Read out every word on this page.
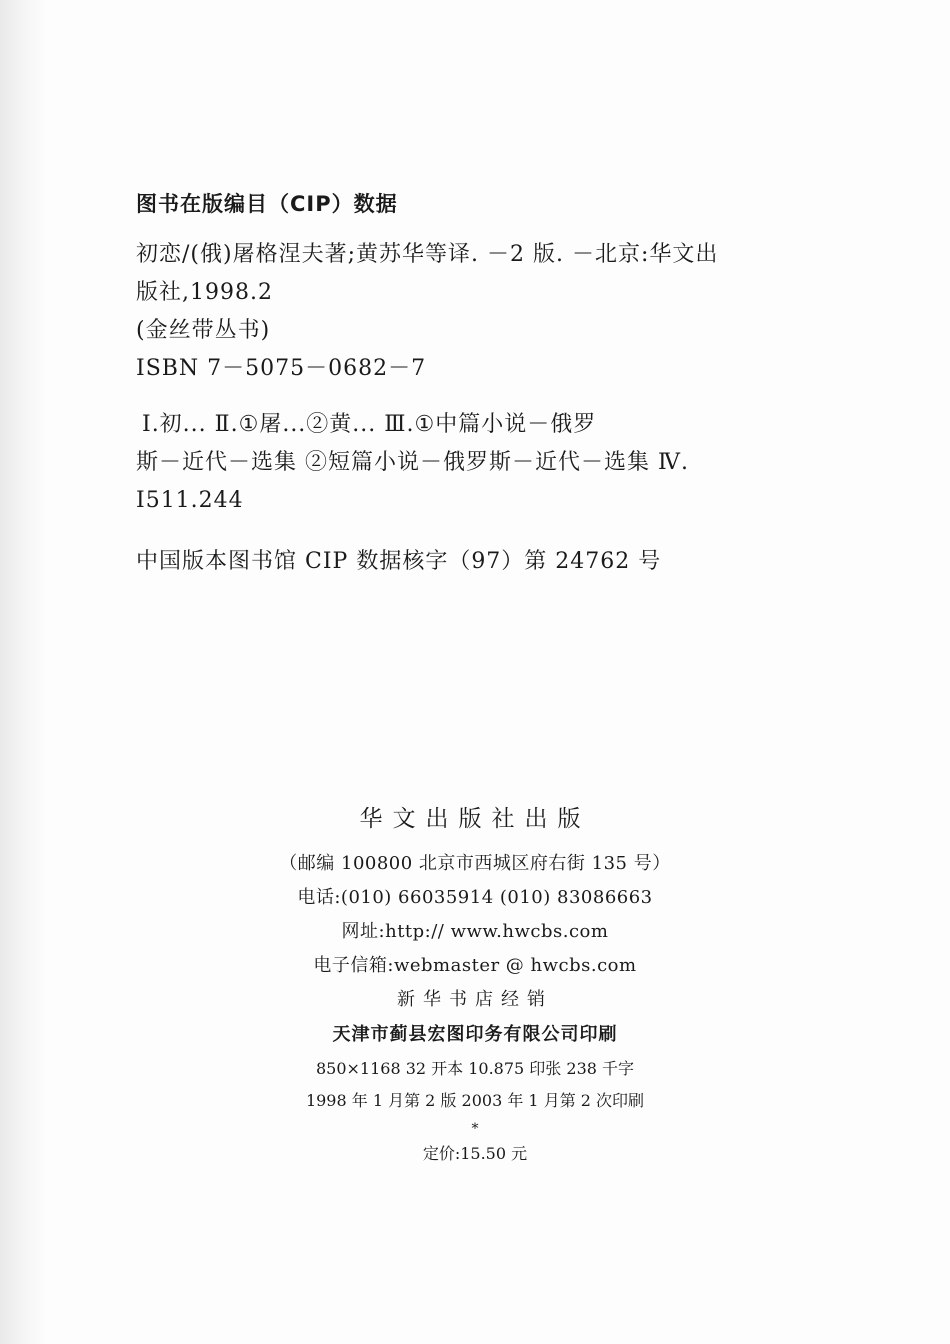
图书在版编目（CIP）数据
初恋/(俄)屠格涅夫著;黄苏华等译. －2 版. －北京:华文出
版社,1998.2
(金丝带丛书)
ISBN 7－5075－0682－7
Ⅰ.初... Ⅱ.①屠...②黄... Ⅲ.①中篇小说－俄罗
斯－近代－选集 ②短篇小说－俄罗斯－近代－选集 Ⅳ.
I511.244
中国版本图书馆 CIP 数据核字（97）第 24762 号
华文出版社出版
（邮编 100800 北京市西城区府右街 135 号）
电话:(010) 66035914 (010) 83086663
网址:http:// www.hwcbs.com
电子信箱:webmaster @ hwcbs.com
新华书店经销
天津市蓟县宏图印务有限公司印刷
850×1168 32 开本 10.875 印张 238 千字
1998 年 1 月第 2 版 2003 年 1 月第 2 次印刷
*
定价:15.50 元
